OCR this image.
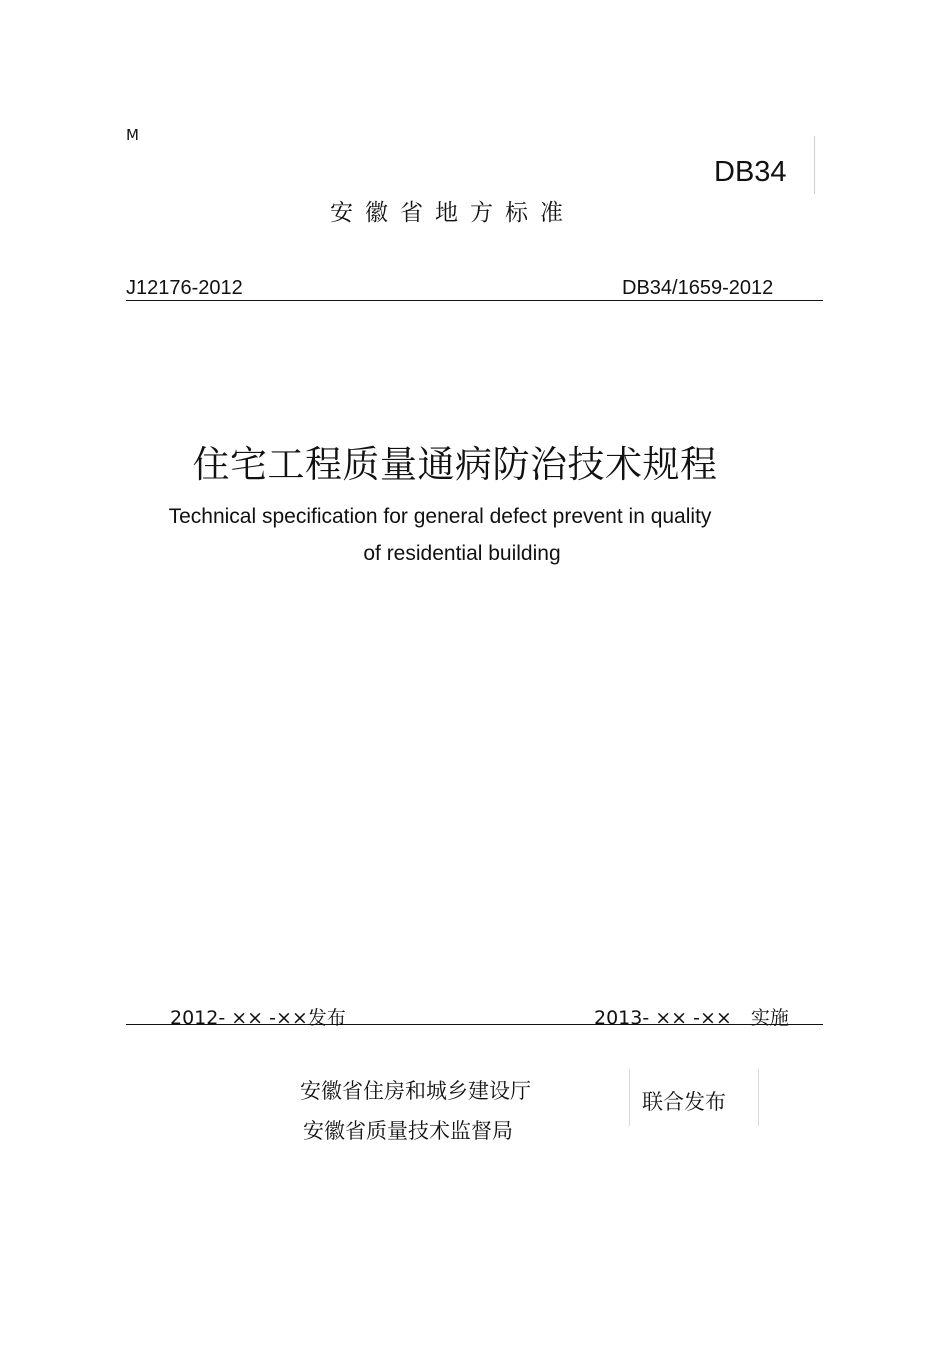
M
DB34
安徽省地方标准
J12176-2012	DB34/1659-2012
住宅工程质量通病防治技术规程
Technical specification for general defect prevent in quality
of residential building
2012- ×× -××发布	2013- ×× -××　实施
安徽省住房和城乡建设厅
安徽省质量技术监督局
联合发布
